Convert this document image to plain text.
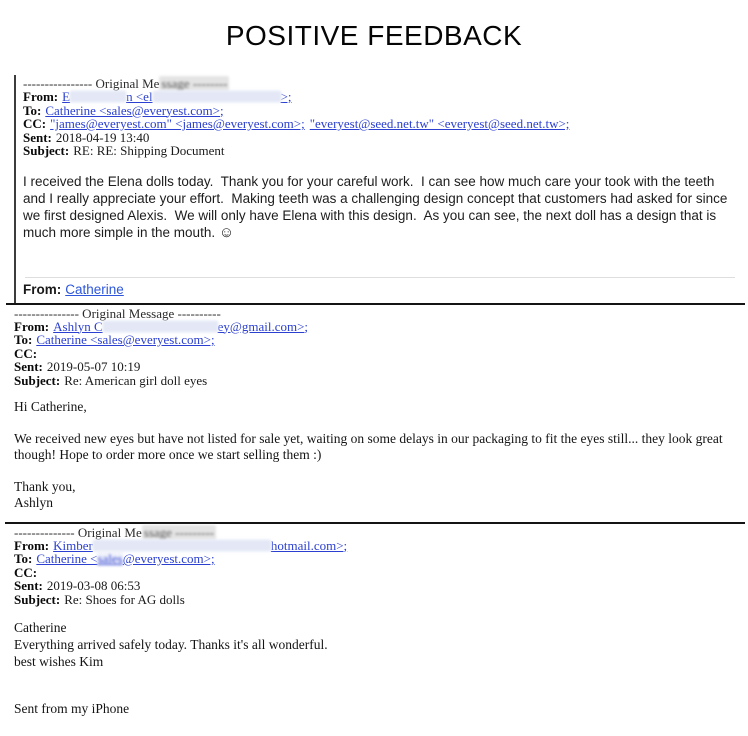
POSITIVE FEEDBACK
---------------- Original Me ssage --------
From: E	n <el	>;
To: Catherine <sales@everyest.com>;
CC: "james@everyest.com" <james@everyest.com>; "everyest@seed.net.tw" <everyest@seed.net.tw>;
Sent: 2018-04-19 13:40
Subject: RE: RE: Shipping Document

I received the Elena dolls today.  Thank you for your careful work.  I can see how much care your took with the teeth and I really appreciate your effort.  Making teeth was a challenging design concept that customers had asked for since we first designed Alexis.  We will only have Elena with this design.  As you can see, the next doll has a design that is much more simple in the mouth. ☺

From: Catherine
--------------- Original Message ----------
From: Ashlyn C	ey@gmail.com>;
To: Catherine <sales@everyest.com>;
CC:
Sent: 2019-05-07 10:19
Subject: Re: American girl doll eyes

Hi Catherine,

We received new eyes but have not listed for sale yet, waiting on some delays in our packaging to fit the eyes still... they look great though! Hope to order more once we start selling them :)

Thank you,

Ashlyn

-------------- Original Me ssage ---------
From: Kimber	hotmail.com>;
To: Catherine <sales@everyest.com>;
CC:
Sent: 2019-03-08 06:53
Subject: Re: Shoes for AG dolls

Catherine
Everything arrived safely today. Thanks it's all wonderful.
best wishes Kim

Sent from my iPhone
